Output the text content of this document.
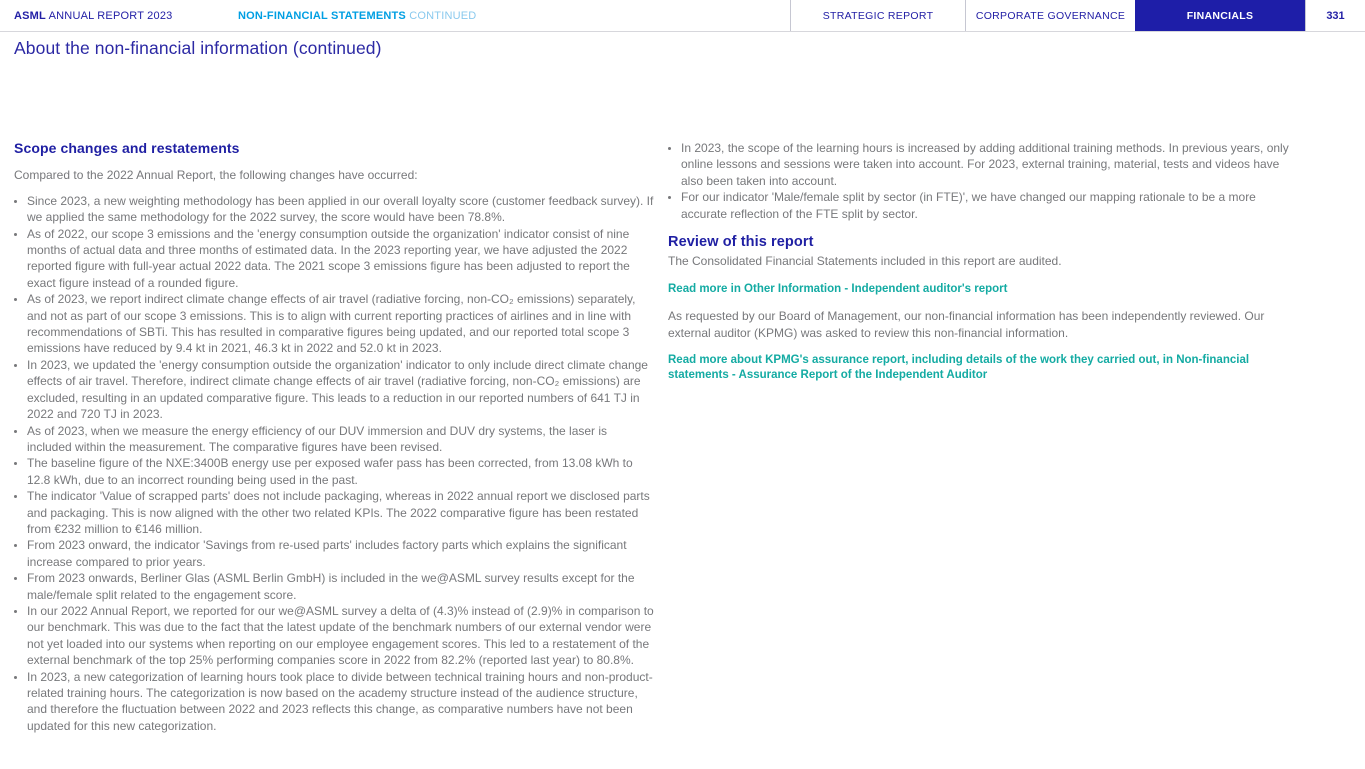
ASML ANNUAL REPORT 2023	NON-FINANCIAL STATEMENTS CONTINUED	STRATEGIC REPORT	CORPORATE GOVERNANCE	FINANCIALS	331
About the non-financial information (continued)
Scope changes and restatements

Compared to the 2022 Annual Report, the following changes have occurred:

• Since 2023, a new weighting methodology has been applied in our overall loyalty score (customer feedback survey). If we applied the same methodology for the 2022 survey, the score would have been 78.8%.
• As of 2022, our scope 3 emissions and the 'energy consumption outside the organization' indicator consist of nine months of actual data and three months of estimated data. In the 2023 reporting year, we have adjusted the 2022 reported figure with full-year actual 2022 data. The 2021 scope 3 emissions figure has been adjusted to report the exact figure instead of a rounded figure.
• As of 2023, we report indirect climate change effects of air travel (radiative forcing, non-CO₂ emissions) separately, and not as part of our scope 3 emissions. This is to align with current reporting practices of airlines and in line with recommendations of SBTi. This has resulted in comparative figures being updated, and our reported total scope 3 emissions have reduced by 9.4 kt in 2021, 46.3 kt in 2022 and 52.0 kt in 2023.
• In 2023, we updated the 'energy consumption outside the organization' indicator to only include direct climate change effects of air travel. Therefore, indirect climate change effects of air travel (radiative forcing, non-CO₂ emissions) are excluded, resulting in an updated comparative figure. This leads to a reduction in our reported numbers of 641 TJ in 2022 and 720 TJ in 2023.
• As of 2023, when we measure the energy efficiency of our DUV immersion and DUV dry systems, the laser is included within the measurement. The comparative figures have been revised.
• The baseline figure of the NXE:3400B energy use per exposed wafer pass has been corrected, from 13.08 kWh to 12.8 kWh, due to an incorrect rounding being used in the past.
• The indicator 'Value of scrapped parts' does not include packaging, whereas in 2022 annual report we disclosed parts and packaging. This is now aligned with the other two related KPIs. The 2022 comparative figure has been restated from €232 million to €146 million.
• From 2023 onward, the indicator 'Savings from re-used parts' includes factory parts which explains the significant increase compared to prior years.
• From 2023 onwards, Berliner Glas (ASML Berlin GmbH) is included in the we@ASML survey results except for the male/female split related to the engagement score.
• In our 2022 Annual Report, we reported for our we@ASML survey a delta of (4.3)% instead of (2.9)% in comparison to our benchmark. This was due to the fact that the latest update of the benchmark numbers of our external vendor were not yet loaded into our systems when reporting on our employee engagement scores. This led to a restatement of the external benchmark of the top 25% performing companies score in 2022 from 82.2% (reported last year) to 80.8%.
• In 2023, a new categorization of learning hours took place to divide between technical training hours and non-product-related training hours. The categorization is now based on the academy structure instead of the audience structure, and therefore the fluctuation between 2022 and 2023 reflects this change, as comparative numbers have not been updated for this new categorization.
• In 2023, the scope of the learning hours is increased by adding additional training methods. In previous years, only online lessons and sessions were taken into account. For 2023, external training, material, tests and videos have also been taken into account.
• For our indicator 'Male/female split by sector (in FTE)', we have changed our mapping rationale to be a more accurate reflection of the FTE split by sector.
Review of this report

The Consolidated Financial Statements included in this report are audited.

Read more in Other Information - Independent auditor's report

As requested by our Board of Management, our non-financial information has been independently reviewed. Our external auditor (KPMG) was asked to review this non-financial information.

Read more about KPMG's assurance report, including details of the work they carried out, in Non-financial statements - Assurance Report of the Independent Auditor
